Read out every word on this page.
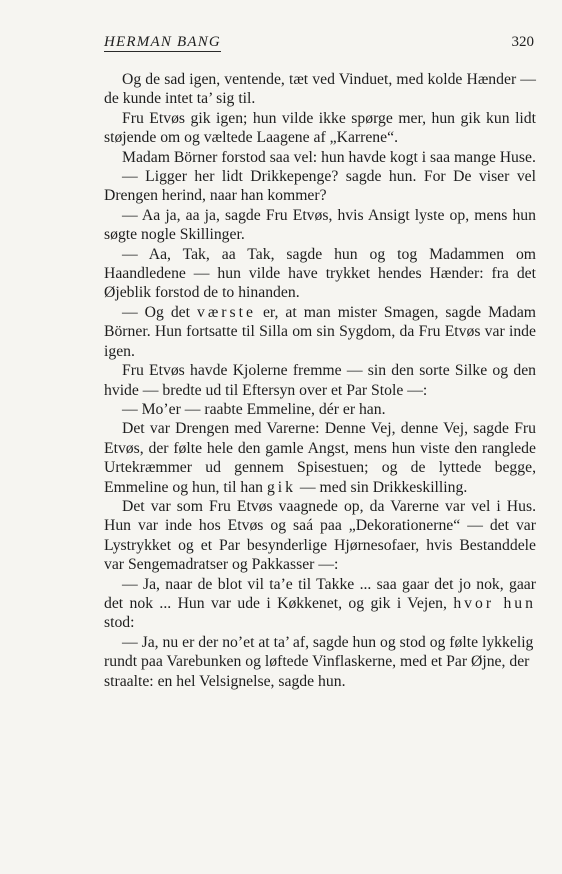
HERMAN BANG	320

Og de sad igen, ventende, tæt ved Vinduet, med kolde Hænder — de kunde intet ta’ sig til.

Fru Etvøs gik igen; hun vilde ikke spørge mer, hun gik kun lidt støjende om og væltede Laagene af „Karrene“.

Madam Börner forstod saa vel: hun havde kogt i saa mange Huse.

— Ligger her lidt Drikkepenge? sagde hun. For De viser vel Drengen herind, naar han kommer?

— Aa ja, aa ja, sagde Fru Etvøs, hvis Ansigt lyste op, mens hun søgte nogle Skillinger.

— Aa, Tak, aa Tak, sagde hun og tog Madammen om Haandledene — hun vilde have trykket hendes Hænder: fra det Øjeblik forstod de to hinanden.

— Og det værste er, at man mister Smagen, sagde Madam Börner. Hun fortsatte til Silla om sin Sygdom, da Fru Etvøs var inde igen.

Fru Etvøs havde Kjolerne fremme — sin den sorte Silke og den hvide — bredte ud til Eftersyn over et Par Stole —:

— Mo’er — raabte Emmeline, dér er han.

Det var Drengen med Varerne: Denne Vej, denne Vej, sagde Fru Etvøs, der følte hele den gamle Angst, mens hun viste den ranglede Urtekræmmer ud gennem Spisestuen; og de lyttede begge, Emmeline og hun, til han gik — med sin Drikkeskilling.

Det var som Fru Etvøs vaagnede op, da Varerne var vel i Hus. Hun var inde hos Etvøs og saá paa „Dekorationerne“ — det var Lystrykket og et Par besynderlige Hjørnesofaer, hvis Bestanddele var Sengemadratser og Pakkasser —:

— Ja, naar de blot vil ta’e til Takke ... saa gaar det jo nok, gaar det nok ... Hun var ude i Køkkenet, og gik i Vejen, hvor hun stod:

— Ja, nu er der no’et at ta’ af, sagde hun og stod og følte lykkelig rundt paa Varebunken og løftede Vinflaskerne, med et Par Øjne, der straalte: en hel Velsignelse, sagde hun.
